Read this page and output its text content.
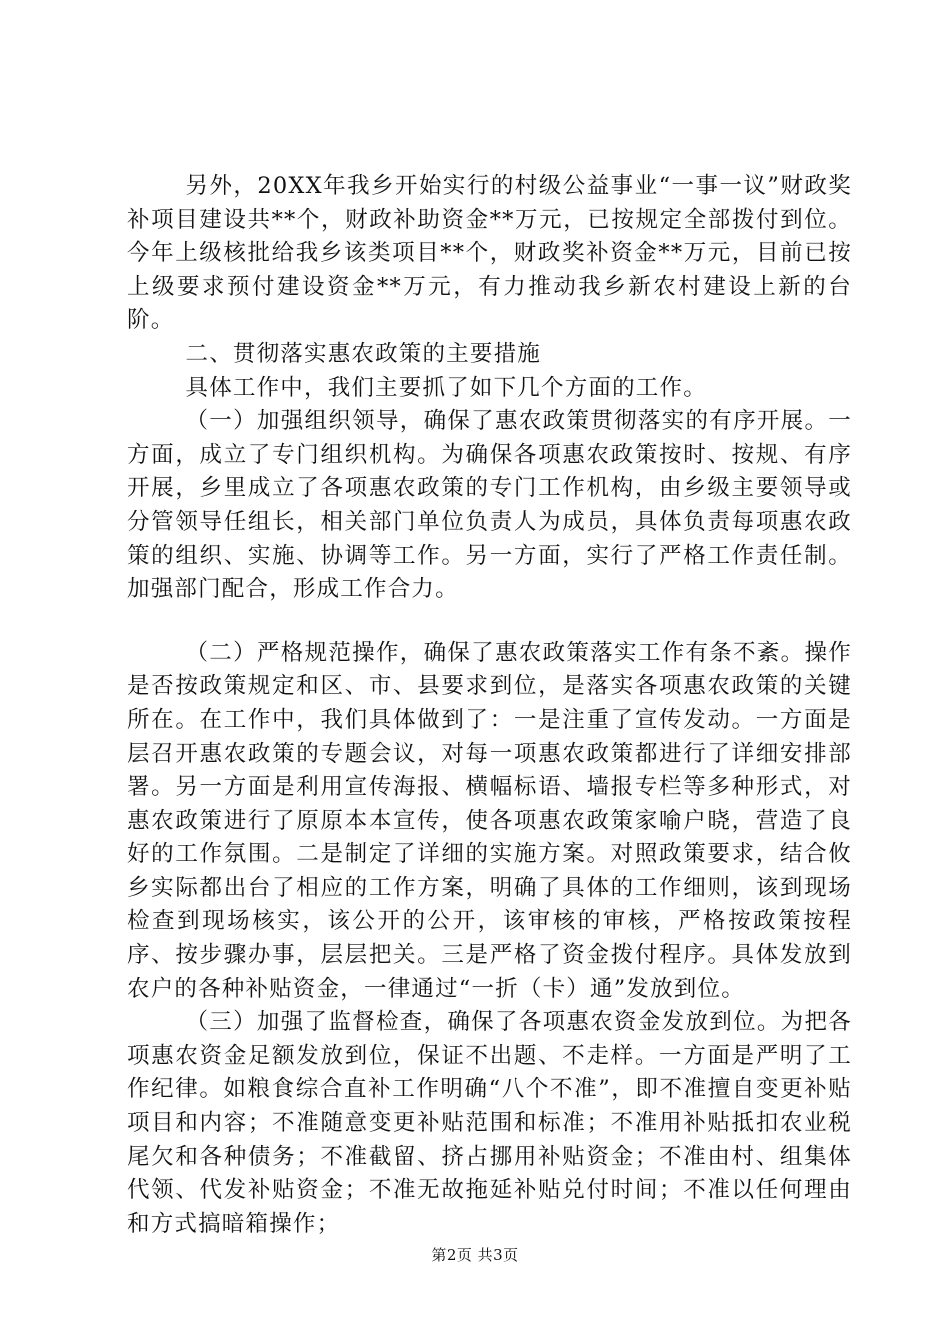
另外，20XX年我乡开始实行的村级公益事业“一事一议”财政奖补项目建设共**个，财政补助资金**万元，已按规定全部拨付到位。今年上级核批给我乡该类项目**个，财政奖补资金**万元，目前已按上级要求预付建设资金**万元，有力推动我乡新农村建设上新的台阶。

二、贯彻落实惠农政策的主要措施

具体工作中，我们主要抓了如下几个方面的工作。

（一）加强组织领导，确保了惠农政策贯彻落实的有序开展。一方面，成立了专门组织机构。为确保各项惠农政策按时、按规、有序开展，乡里成立了各项惠农政策的专门工作机构，由乡级主要领导或分管领导任组长，相关部门单位负责人为成员，具体负责每项惠农政策的组织、实施、协调等工作。另一方面，实行了严格工作责任制。加强部门配合，形成工作合力。

（二）严格规范操作，确保了惠农政策落实工作有条不紊。操作是否按政策规定和区、市、县要求到位，是落实各项惠农政策的关键所在。在工作中，我们具体做到了：一是注重了宣传发动。一方面是层召开惠农政策的专题会议，对每一项惠农政策都进行了详细安排部署。另一方面是利用宣传海报、横幅标语、墙报专栏等多种形式，对惠农政策进行了原原本本宣传，使各项惠农政策家喻户晓，营造了良好的工作氛围。二是制定了详细的实施方案。对照政策要求，结合攸乡实际都出台了相应的工作方案，明确了具体的工作细则，该到现场检查到现场核实，该公开的公开，该审核的审核，严格按政策按程序、按步骤办事，层层把关。三是严格了资金拨付程序。具体发放到农户的各种补贴资金，一律通过“一折（卡）通”发放到位。

（三）加强了监督检查，确保了各项惠农资金发放到位。为把各项惠农资金足额发放到位，保证不出题、不走样。一方面是严明了工作纪律。如粮食综合直补工作明确“八个不准”，即不准擅自变更补贴项目和内容；不准随意变更补贴范围和标准；不准用补贴抵扣农业税尾欠和各种债务；不准截留、挤占挪用补贴资金；不准由村、组集体代领、代发补贴资金；不准无故拖延补贴兑付时间；不准以任何理由和方式搞暗箱操作；

第2页 共3页
